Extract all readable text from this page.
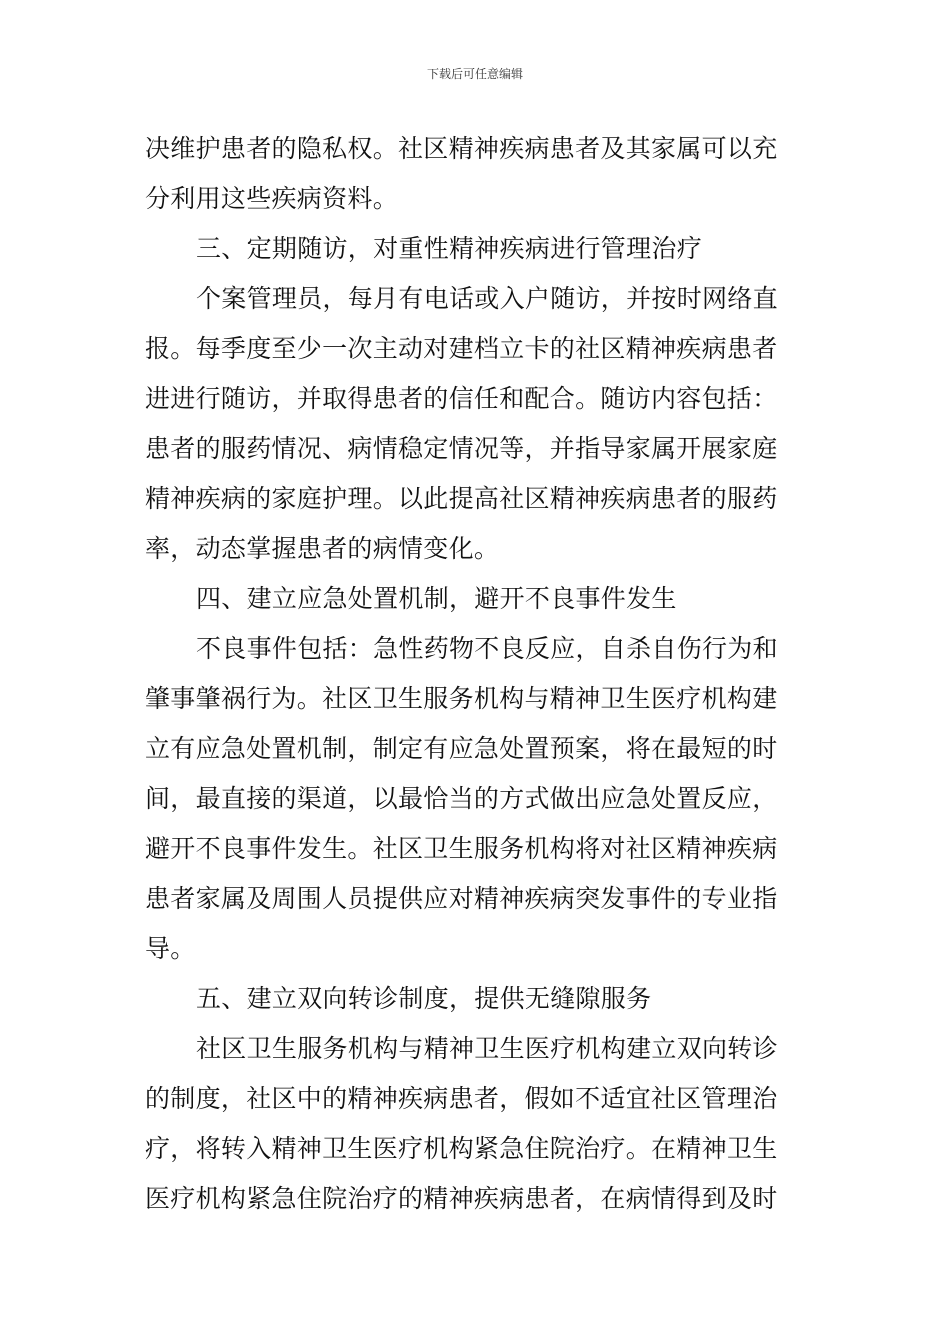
下载后可任意编辑
决维护患者的隐私权。社区精神疾病患者及其家属可以充
分利用这些疾病资料。
三、定期随访，对重性精神疾病进行管理治疗
个案管理员，每月有电话或入户随访，并按时网络直
报。每季度至少一次主动对建档立卡的社区精神疾病患者
进进行随访，并取得患者的信任和配合。随访内容包括：
患者的服药情况、病情稳定情况等，并指导家属开展家庭
精神疾病的家庭护理。以此提高社区精神疾病患者的服药
率，动态掌握患者的病情变化。
四、建立应急处置机制，避开不良事件发生
不良事件包括：急性药物不良反应，自杀自伤行为和
肇事肇祸行为。社区卫生服务机构与精神卫生医疗机构建
立有应急处置机制，制定有应急处置预案，将在最短的时
间，最直接的渠道，以最恰当的方式做出应急处置反应，
避开不良事件发生。社区卫生服务机构将对社区精神疾病
患者家属及周围人员提供应对精神疾病突发事件的专业指
导。
五、建立双向转诊制度，提供无缝隙服务
社区卫生服务机构与精神卫生医疗机构建立双向转诊
的制度，社区中的精神疾病患者，假如不适宜社区管理治
疗，将转入精神卫生医疗机构紧急住院治疗。在精神卫生
医疗机构紧急住院治疗的精神疾病患者，在病情得到及时
